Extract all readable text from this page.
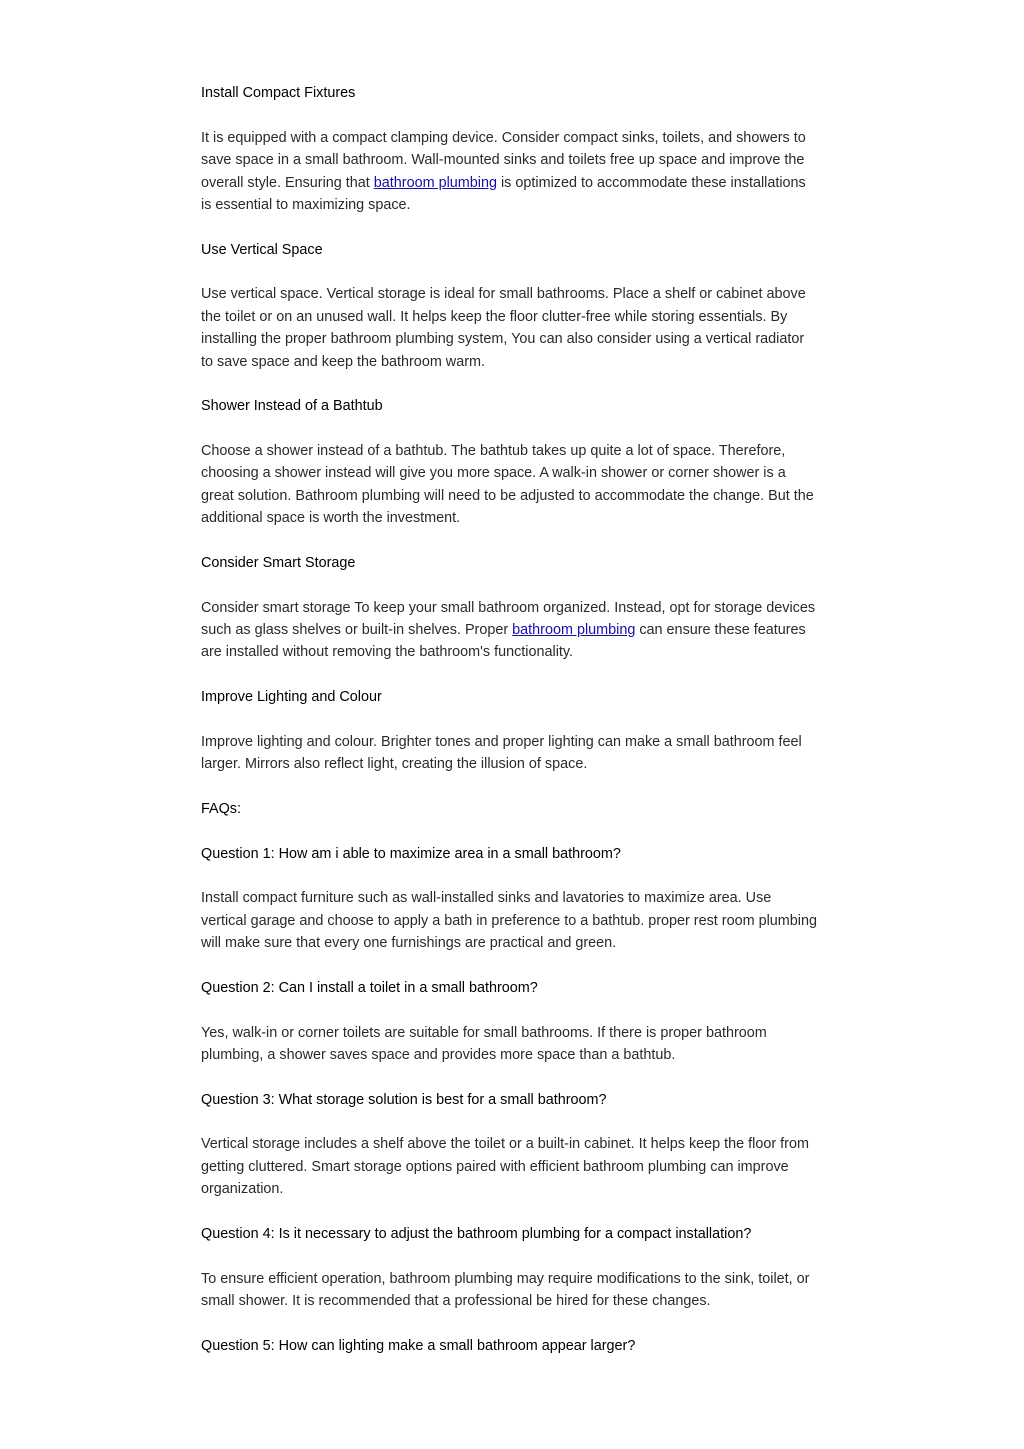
Install Compact Fixtures

It is equipped with a compact clamping device. Consider compact sinks, toilets, and showers to save space in a small bathroom. Wall-mounted sinks and toilets free up space and improve the overall style. Ensuring that bathroom plumbing is optimized to accommodate these installations is essential to maximizing space.

Use Vertical Space

Use vertical space. Vertical storage is ideal for small bathrooms. Place a shelf or cabinet above the toilet or on an unused wall. It helps keep the floor clutter-free while storing essentials. By installing the proper bathroom plumbing system, You can also consider using a vertical radiator to save space and keep the bathroom warm.

Shower Instead of a Bathtub

Choose a shower instead of a bathtub. The bathtub takes up quite a lot of space. Therefore, choosing a shower instead will give you more space. A walk-in shower or corner shower is a great solution. Bathroom plumbing will need to be adjusted to accommodate the change. But the additional space is worth the investment.

Consider Smart Storage

Consider smart storage To keep your small bathroom organized. Instead, opt for storage devices such as glass shelves or built-in shelves. Proper bathroom plumbing can ensure these features are installed without removing the bathroom's functionality.

Improve Lighting and Colour

Improve lighting and colour. Brighter tones and proper lighting can make a small bathroom feel larger. Mirrors also reflect light, creating the illusion of space.

FAQs:

Question 1: How am i able to maximize area in a small bathroom?

Install compact furniture such as wall-installed sinks and lavatories to maximize area. Use vertical garage and choose to apply a bath in preference to a bathtub. proper rest room plumbing will make sure that every one furnishings are practical and green.

Question 2: Can I install a toilet in a small bathroom?

Yes, walk-in or corner toilets are suitable for small bathrooms. If there is proper bathroom plumbing, a shower saves space and provides more space than a bathtub.

Question 3: What storage solution is best for a small bathroom?

Vertical storage includes a shelf above the toilet or a built-in cabinet. It helps keep the floor from getting cluttered. Smart storage options paired with efficient bathroom plumbing can improve organization.

Question 4: Is it necessary to adjust the bathroom plumbing for a compact installation?

To ensure efficient operation, bathroom plumbing may require modifications to the sink, toilet, or small shower. It is recommended that a professional be hired for these changes.

Question 5: How can lighting make a small bathroom appear larger?
